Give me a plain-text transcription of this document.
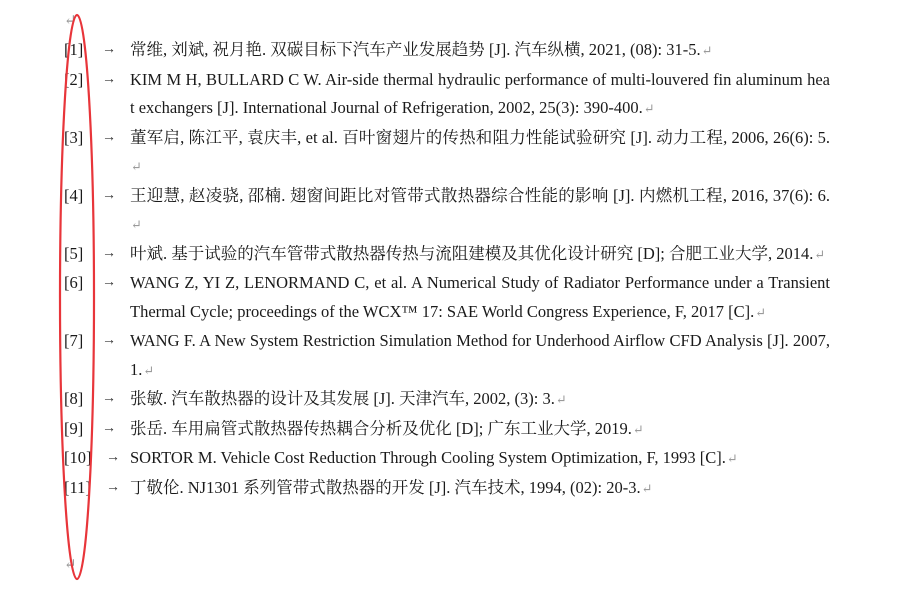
↵
[1] → 常维, 刘斌, 祝月艳. 双碳目标下汽车产业发展趋势 [J]. 汽车纵横, 2021, (08): 31-5.↵
[2] → KIM M H, BULLARD C W. Air-side thermal hydraulic performance of multi-louvered fin aluminum heat exchangers [J]. International Journal of Refrigeration, 2002, 25(3): 390-400.↵
[3] → 董军启, 陈江平, 袁庆丰, et al. 百叶窗翅片的传热和阻力性能试验研究 [J]. 动力工程, 2006, 26(6): 5.↵
[4] → 王迎慧, 赵凌骁, 邵楠. 翅窗间距比对管带式散热器综合性能的影响 [J]. 内燃机工程, 2016, 37(6): 6.↵
[5] → 叶斌. 基于试验的汽车管带式散热器传热与流阻建模及其优化设计研究 [D]; 合肥工业大学, 2014.↵
[6] → WANG Z, YI Z, LENORMAND C, et al. A Numerical Study of Radiator Performance under a Transient Thermal Cycle; proceedings of the WCX™ 17: SAE World Congress Experience, F, 2017 [C].↵
[7] → WANG F. A New System Restriction Simulation Method for Underhood Airflow CFD Analysis [J]. 2007, 1.↵
[8] → 张敏. 汽车散热器的设计及其发展 [J]. 天津汽车, 2002, (3): 3.↵
[9] → 张岳. 车用扁管式散热器传热耦合分析及优化 [D]; 广东工业大学, 2019.↵
[10] → SORTOR M. Vehicle Cost Reduction Through Cooling System Optimization, F, 1993 [C].↵
[11] → 丁敬伦. NJ1301 系列管带式散热器的开发 [J]. 汽车技术, 1994, (02): 20-3.↵
↵
